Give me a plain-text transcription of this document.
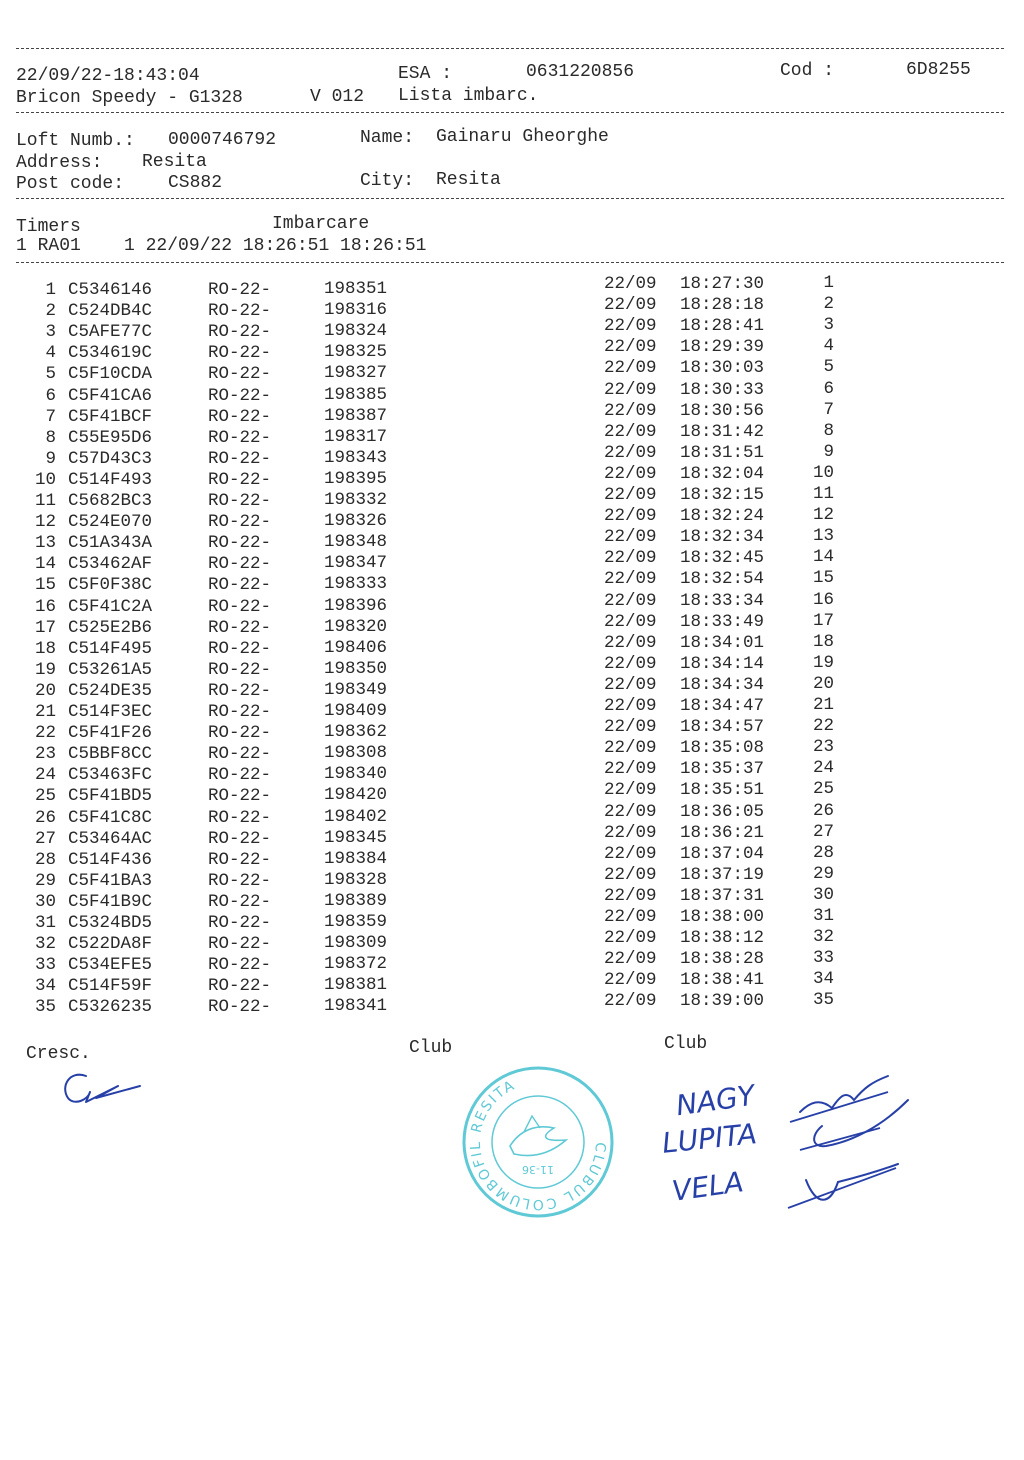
22/09/22-18:43:04	ESA :	0631220856	Cod :	6D8255
Bricon Speedy - G1328	V 012 Lista imbarc.
Loft Numb.: 0000746792	Name: Gainaru Gheorghe
Address: Resita
Post code: CS882	City: Resita
Timers	Imbarcare
1 RA01    1 22/09/22 18:26:51 18:26:51
1 C5346146	RO-22-	198351	22/09 18:27:30	1
2 C524DB4C	RO-22-	198316	22/09 18:28:18	2
3 C5AFE77C	RO-22-	198324	22/09 18:28:41	3
4 C534619C	RO-22-	198325	22/09 18:29:39	4
5 C5F10CDA	RO-22-	198327	22/09 18:30:03	5
6 C5F41CA6	RO-22-	198385	22/09 18:30:33	6
7 C5F41BCF	RO-22-	198387	22/09 18:30:56	7
8 C55E95D6	RO-22-	198317	22/09 18:31:42	8
9 C57D43C3	RO-22-	198343	22/09 18:31:51	9
10 C514F493	RO-22-	198395	22/09 18:32:04	10
11 C5682BC3	RO-22-	198332	22/09 18:32:15	11
12 C524E070	RO-22-	198326	22/09 18:32:24	12
13 C51A343A	RO-22-	198348	22/09 18:32:34	13
14 C53462AF	RO-22-	198347	22/09 18:32:45	14
15 C5F0F38C	RO-22-	198333	22/09 18:32:54	15
16 C5F41C2A	RO-22-	198396	22/09 18:33:34	16
17 C525E2B6	RO-22-	198320	22/09 18:33:49	17
18 C514F495	RO-22-	198406	22/09 18:34:01	18
19 C53261A5	RO-22-	198350	22/09 18:34:14	19
20 C524DE35	RO-22-	198349	22/09 18:34:34	20
21 C514F3EC	RO-22-	198409	22/09 18:34:47	21
22 C5F41F26	RO-22-	198362	22/09 18:34:57	22
23 C5BBF8CC	RO-22-	198308	22/09 18:35:08	23
24 C53463FC	RO-22-	198340	22/09 18:35:37	24
25 C5F41BD5	RO-22-	198420	22/09 18:35:51	25
26 C5F41C8C	RO-22-	198402	22/09 18:36:05	26
27 C53464AC	RO-22-	198345	22/09 18:36:21	27
28 C514F436	RO-22-	198384	22/09 18:37:04	28
29 C5F41BA3	RO-22-	198328	22/09 18:37:19	29
30 C5F41B9C	RO-22-	198389	22/09 18:37:31	30
31 C5324BD5	RO-22-	198359	22/09 18:38:00	31
32 C522DA8F	RO-22-	198309	22/09 18:38:12	32
33 C534EFE5	RO-22-	198372	22/09 18:38:28	33
34 C514F59F	RO-22-	198381	22/09 18:38:41	34
35 C5326235	RO-22-	198341	22/09 18:39:00	35
Cresc.	Club	Club
CLUBUL COLUMBOFIL RESITA
11-36
NAGY
LUPITA
VELA
